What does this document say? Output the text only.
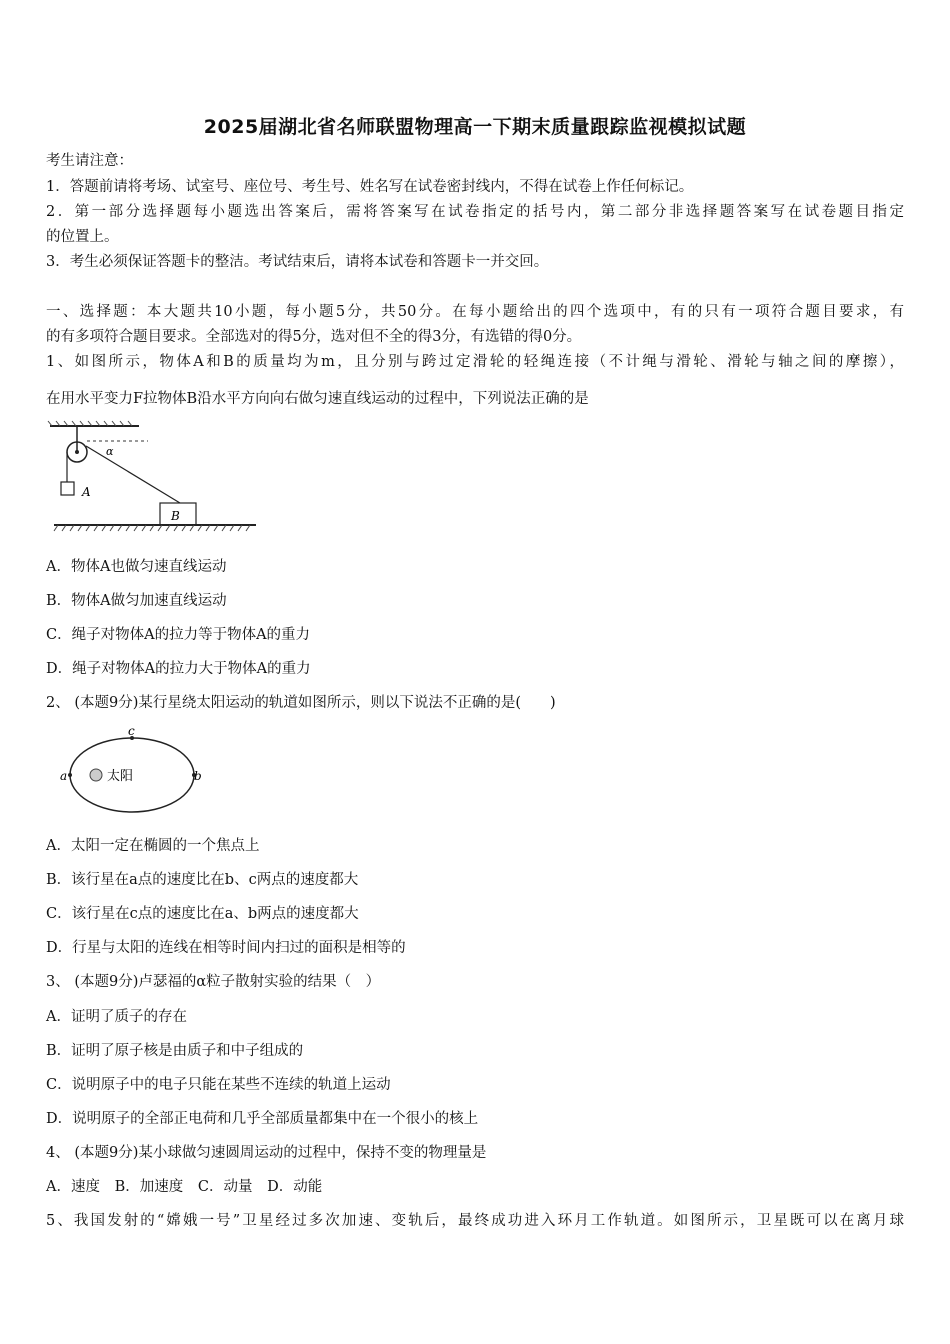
2025届湖北省名师联盟物理高一下期末质量跟踪监视模拟试题
考生请注意：
1．答题前请将考场、试室号、座位号、考生号、姓名写在试卷密封线内，不得在试卷上作任何标记。
2．第一部分选择题每小题选出答案后，需将答案写在试卷指定的括号内，第二部分非选择题答案写在试卷题目指定
的位置上。
3．考生必须保证答题卡的整洁。考试结束后，请将本试卷和答题卡一并交回。
一、选择题：本大题共10小题，每小题5分，共50分。在每小题给出的四个选项中，有的只有一项符合题目要求，有
的有多项符合题目要求。全部选对的得5分，选对但不全的得3分，有选错的得0分。
1、如图所示，物体A和B的质量均为m，且分别与跨过定滑轮的轻绳连接（不计绳与滑轮、滑轮与轴之间的摩擦），
在用水平变力F拉物体B沿水平方向向右做匀速直线运动的过程中，下列说法正确的是
A
α
B
A．物体A也做匀速直线运动
B．物体A做匀加速直线运动
C．绳子对物体A的拉力等于物体A的重力
D．绳子对物体A的拉力大于物体A的重力
2、 (本题9分)某行星绕太阳运动的轨道如图所示，则以下说法不正确的是(　　)
太阳
a	b
c
A．太阳一定在椭圆的一个焦点上
B．该行星在a点的速度比在b、c两点的速度都大
C．该行星在c点的速度比在a、b两点的速度都大
D．行星与太阳的连线在相等时间内扫过的面积是相等的
3、 (本题9分)卢瑟福的α粒子散射实验的结果（　）
A．证明了质子的存在
B．证明了原子核是由质子和中子组成的
C．说明原子中的电子只能在某些不连续的轨道上运动
D．说明原子的全部正电荷和几乎全部质量都集中在一个很小的核上
4、 (本题9分)某小球做匀速圆周运动的过程中，保持不变的物理量是
A．速度 B．加速度 C．动量 D．动能
5、我国发射的“嫦娥一号”卫星经过多次加速、变轨后，最终成功进入环月工作轨道。如图所示，卫星既可以在离月球
